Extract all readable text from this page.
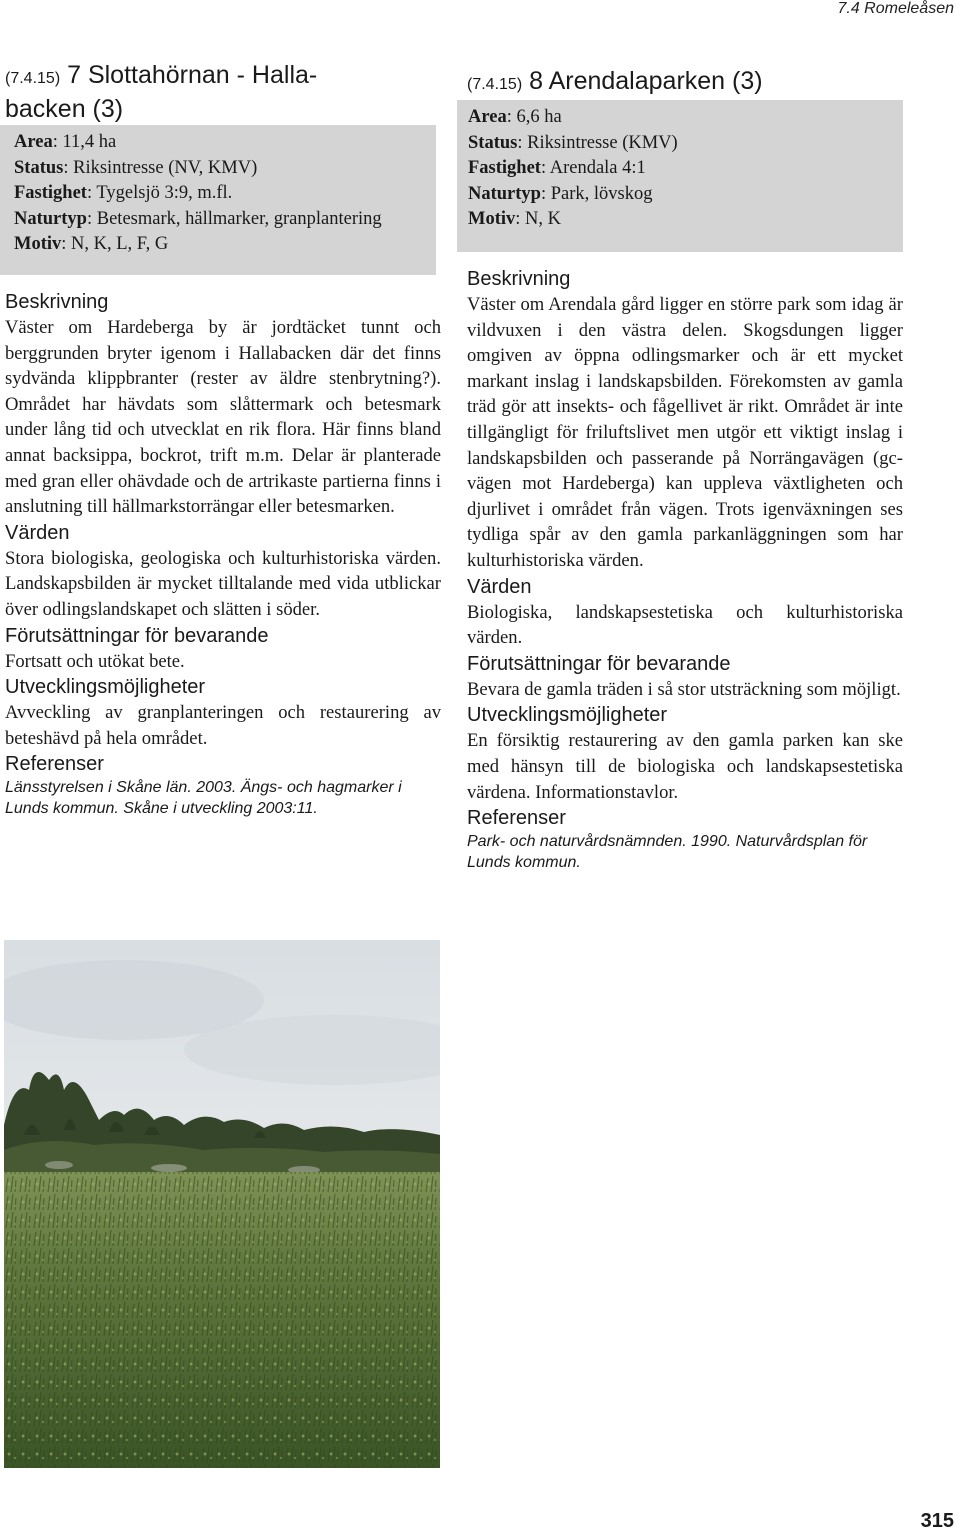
7.4 Romeleåsen
(7.4.15) 7 Slottahörnan - Halla-
backen (3)
Area: 11,4 ha
Status: Riksintresse (NV, KMV)
Fastighet: Tygelsjö 3:9, m.fl.
Naturtyp: Betesmark, hällmarker, granplantering
Motiv: N, K, L, F, G
Beskrivning

Väster om Hardeberga by är jordtäcket tunnt och berggrunden bryter igenom i Hallabacken där det finns sydvända klippbranter (rester av äldre stenbrytning?). Området har hävdats som slåttermark och betesmark under lång tid och utvecklat en rik flora. Här finns bland annat backsippa, bockrot, trift m.m. Delar är planterade med gran eller ohävdade och de artrikaste partierna finns i anslutning till hällmarkstorrängar eller betesmarken.

Värden

Stora biologiska, geologiska och kulturhistoriska värden. Landskapsbilden är mycket tilltalande med vida utblickar över odlingslandskapet och slätten i söder.

Förutsättningar för bevarande

Fortsatt och utökat bete.

Utvecklingsmöjligheter

Avveckling av granplanteringen och restaurering av beteshävd på hela området.

Referenser

Länsstyrelsen i Skåne län. 2003. Ängs- och hagmarker i Lunds kommun. Skåne i utveckling 2003:11.

(7.4.15) 8 Arendalaparken (3)
Area: 6,6 ha
Status: Riksintresse (KMV)
Fastighet: Arendala 4:1
Naturtyp: Park, lövskog
Motiv: N, K
Beskrivning

Väster om Arendala gård ligger en större park som idag är vildvuxen i den västra delen. Skogsdungen ligger omgiven av öppna odlingsmarker och är ett mycket markant inslag i landskapsbilden. Förekomsten av gamla träd gör att insekts- och fågellivet är rikt. Området är inte tillgängligt för friluftslivet men utgör ett viktigt inslag i landskapsbilden och passerande på Norrängavägen (gc-vägen mot Hardeberga) kan uppleva växtligheten och djurlivet i området från vägen. Trots igenväxningen ses tydliga spår av den gamla parkanläggningen som har kulturhistoriska värden.

Värden

Biologiska, landskapsestetiska och kulturhistoriska värden.

Förutsättningar för bevarande

Bevara de gamla träden i så stor utsträckning som möjligt.

Utvecklingsmöjligheter

En försiktig restaurering av den gamla parken kan ske med hänsyn till de biologiska och landskapsestetiska värdena. Informationstavlor.

Referenser

Park- och naturvårdsnämnden. 1990. Naturvårdsplan för Lunds kommun.

315
